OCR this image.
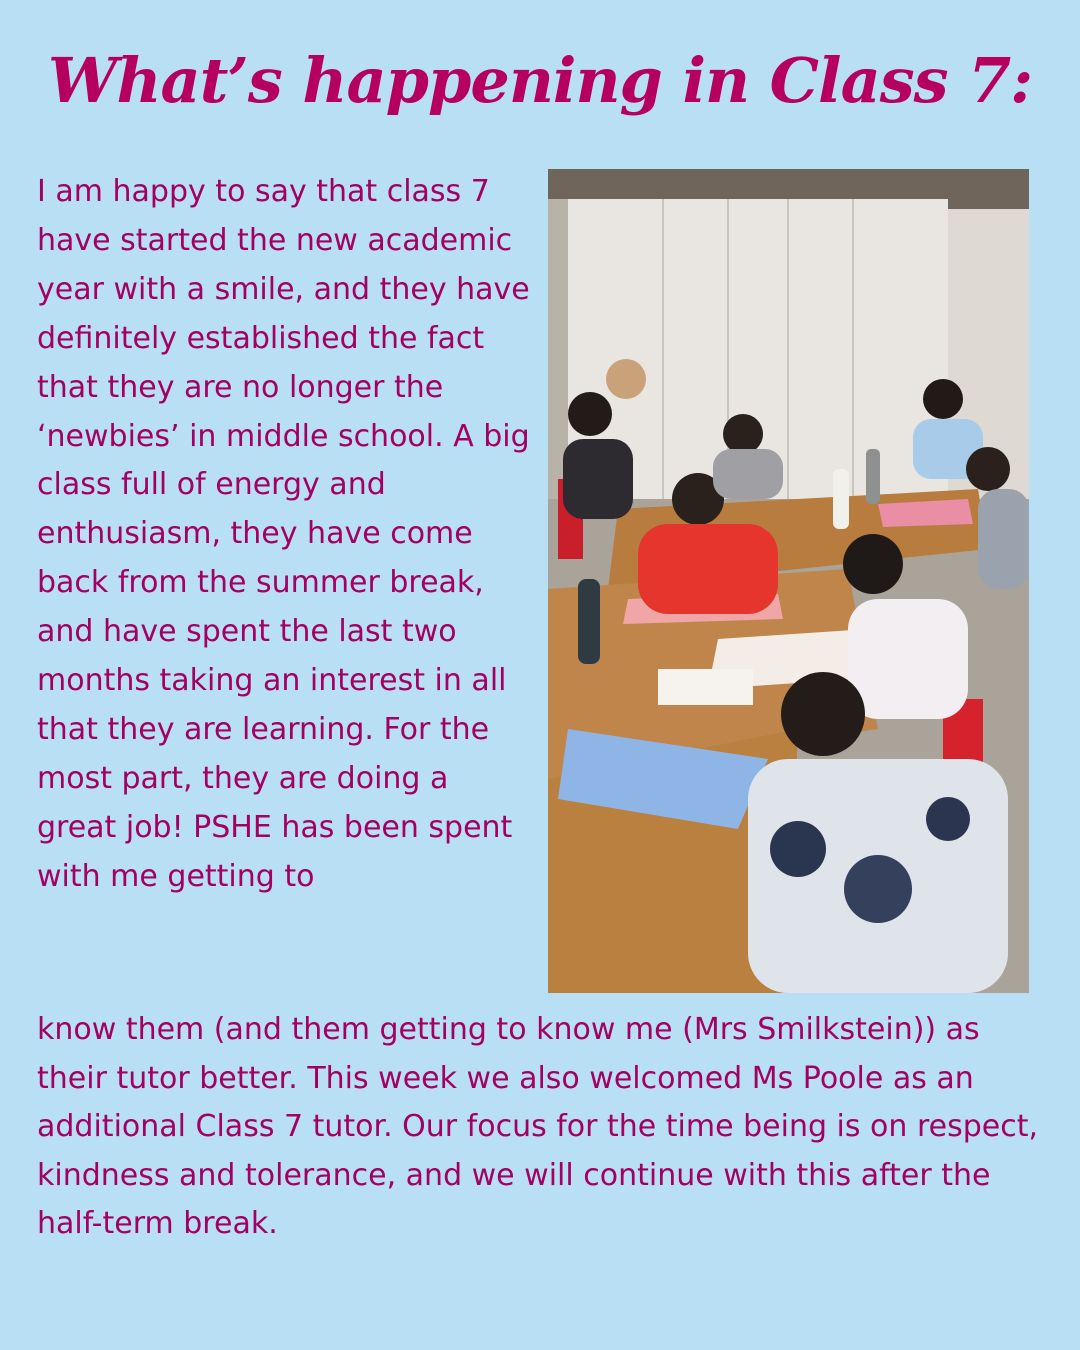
What’s happening in Class 7:

I am happy to say that class 7 have started the new academic year with a smile, and they have definitely established the fact that they are no longer the ‘newbies’ in middle school. A big class full of energy and enthusiasm, they have come back from the summer break, and have spent the last two months taking an interest in all that they are learning. For the most part, they are doing a great job! PSHE has been spent with me getting to

know them (and them getting to know me (Mrs Smilkstein)) as their tutor better. This week we also welcomed Ms Poole as an additional Class 7 tutor. Our focus for the time being is on respect, kindness and tolerance, and we will continue with this after the half-term break.
